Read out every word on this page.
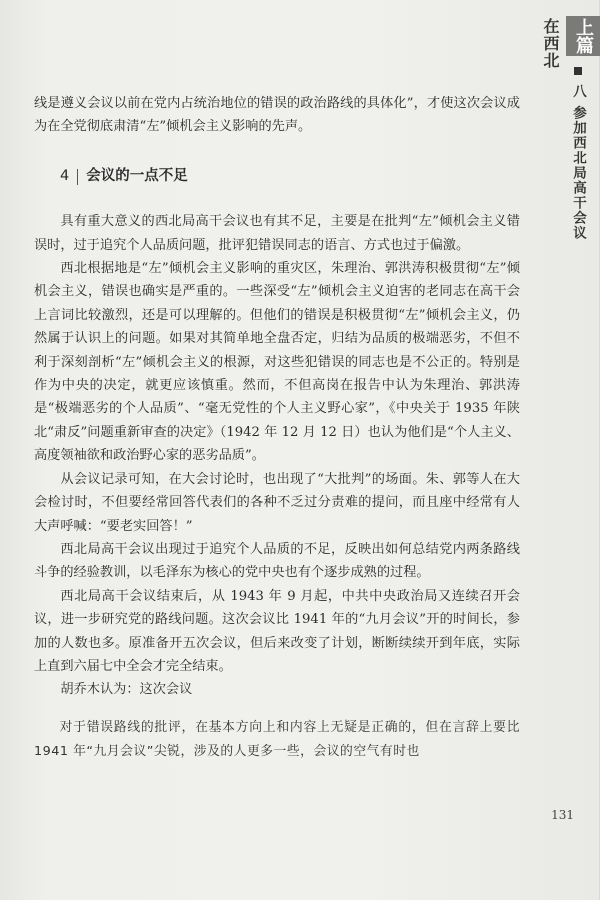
上篇
在西北
八 参加西北局高干会议

线是遵义会议以前在党内占统治地位的错误的政治路线的具体化”，才使这次会议成为在全党彻底肃清“左”倾机会主义影响的先声。

4 会议的一点不足

具有重大意义的西北局高干会议也有其不足，主要是在批判“左”倾机会主义错误时，过于追究个人品质问题，批评犯错误同志的语言、方式也过于偏激。

西北根据地是“左”倾机会主义影响的重灾区，朱理治、郭洪涛积极贯彻“左”倾机会主义，错误也确实是严重的。一些深受“左”倾机会主义迫害的老同志在高干会上言词比较激烈，还是可以理解的。但他们的错误是积极贯彻“左”倾机会主义，仍然属于认识上的问题。如果对其简单地全盘否定，归结为品质的极端恶劣，不但不利于深刻剖析“左”倾机会主义的根源，对这些犯错误的同志也是不公正的。特别是作为中央的决定，就更应该慎重。然而，不但高岗在报告中认为朱理治、郭洪涛是“极端恶劣的个人品质”、“毫无党性的个人主义野心家”，《中央关于 1935 年陕北“肃反”问题重新审查的决定》（1942 年 12 月 12 日）也认为他们是“个人主义、高度领袖欲和政治野心家的恶劣品质”。

从会议记录可知，在大会讨论时，也出现了“大批判”的场面。朱、郭等人在大会检讨时，不但要经常回答代表们的各种不乏过分责难的提问，而且座中经常有人大声呼喊：“要老实回答！”

西北局高干会议出现过于追究个人品质的不足，反映出如何总结党内两条路线斗争的经验教训，以毛泽东为核心的党中央也有个逐步成熟的过程。

西北局高干会议结束后，从 1943 年 9 月起，中共中央政治局又连续召开会议，进一步研究党的路线问题。这次会议比 1941 年的“九月会议”开的时间长，参加的人数也多。原准备开五次会议，但后来改变了计划，断断续续开到年底，实际上直到六届七中全会才完全结束。

胡乔木认为：这次会议

对于错误路线的批评，在基本方向上和内容上无疑是正确的，但在言辞上要比 1941 年“九月会议”尖锐，涉及的人更多一些，会议的空气有时也

131
